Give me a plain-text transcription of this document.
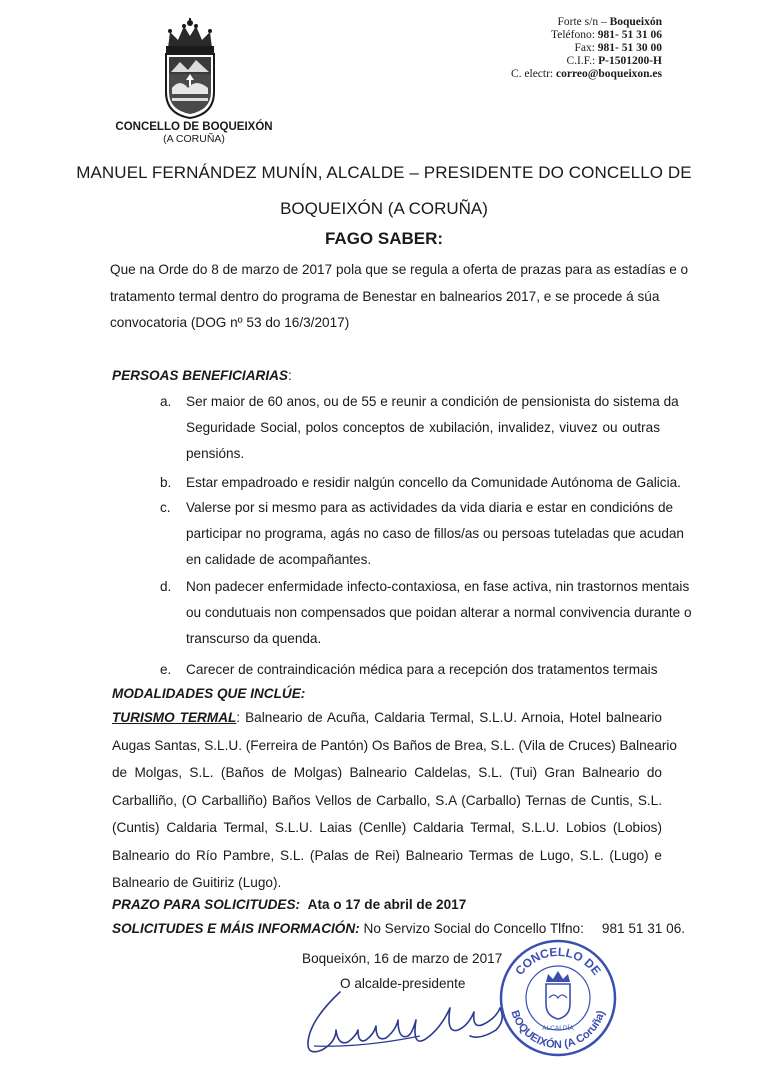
Forte s/n – Boqueixón
Teléfono: 981- 51 31 06
Fax: 981- 51 30 00
C.I.F.: P-1501200-H
C. electr: correo@boqueixon.es
CONCELLO DE BOQUEIXÓN
(A CORUÑA)
MANUEL FERNÁNDEZ MUNÍN, ALCALDE – PRESIDENTE DO CONCELLO DE
BOQUEIXÓN (A CORUÑA)
FAGO SABER:
Que na Orde do 8 de marzo de 2017 pola que se regula a oferta de prazas para as estadías e o
tratamento termal dentro do programa de Benestar en balnearios 2017, e se procede á súa
convocatoria (DOG nº 53 do 16/3/2017)
PERSOAS BENEFICIARIAS:
a. Ser maior de 60 anos, ou de 55 e reunir a condición de pensionista do sistema da
Seguridade Social, polos conceptos de xubilación, invalidez, viuvez ou outras
pensións.
b. Estar empadroado e residir nalgún concello da Comunidade Autónoma de Galicia.
c. Valerse por si mesmo para as actividades da vida diaria e estar en condicións de
participar no programa, agás no caso de fillos/as ou persoas tuteladas que acudan
en calidade de acompañantes.
d. Non padecer enfermidade infecto-contaxiosa, en fase activa, nin trastornos mentais
ou condutuais non compensados que poidan alterar a normal convivencia durante o
transcurso da quenda.
e. Carecer de contraindicación médica para a recepción dos tratamentos termais
MODALIDADES QUE INCLÚE:
TURISMO TERMAL: Balneario de Acuña, Caldaria Termal, S.L.U. Arnoia, Hotel balneario
Augas Santas, S.L.U. (Ferreira de Pantón) Os Baños de Brea, S.L. (Vila de Cruces) Balneario
de Molgas, S.L. (Baños de Molgas) Balneario Caldelas, S.L. (Tui) Gran Balneario do
Carballiño, (O Carballiño) Baños Vellos de Carballo, S.A (Carballo) Ternas de Cuntis, S.L.
(Cuntis) Caldaria Termal, S.L.U. Laias (Cenlle) Caldaria Termal, S.L.U. Lobios (Lobios)
Balneario do Río Pambre, S.L. (Palas de Rei) Balneario Termas de Lugo, S.L. (Lugo) e
Balneario de Guitiriz (Lugo).
PRAZO PARA SOLICITUDES: Ata o 17 de abril de 2017
SOLICITUDES E MÁIS INFORMACIÓN: No Servizo Social do Concello Tlfno: 981 51 31 06.
Boqueixón, 16 de marzo de 2017
O alcalde-presidente
CONCELLO DE
BOQUEIXÓN (A Coruña)
ALCALDÍA
